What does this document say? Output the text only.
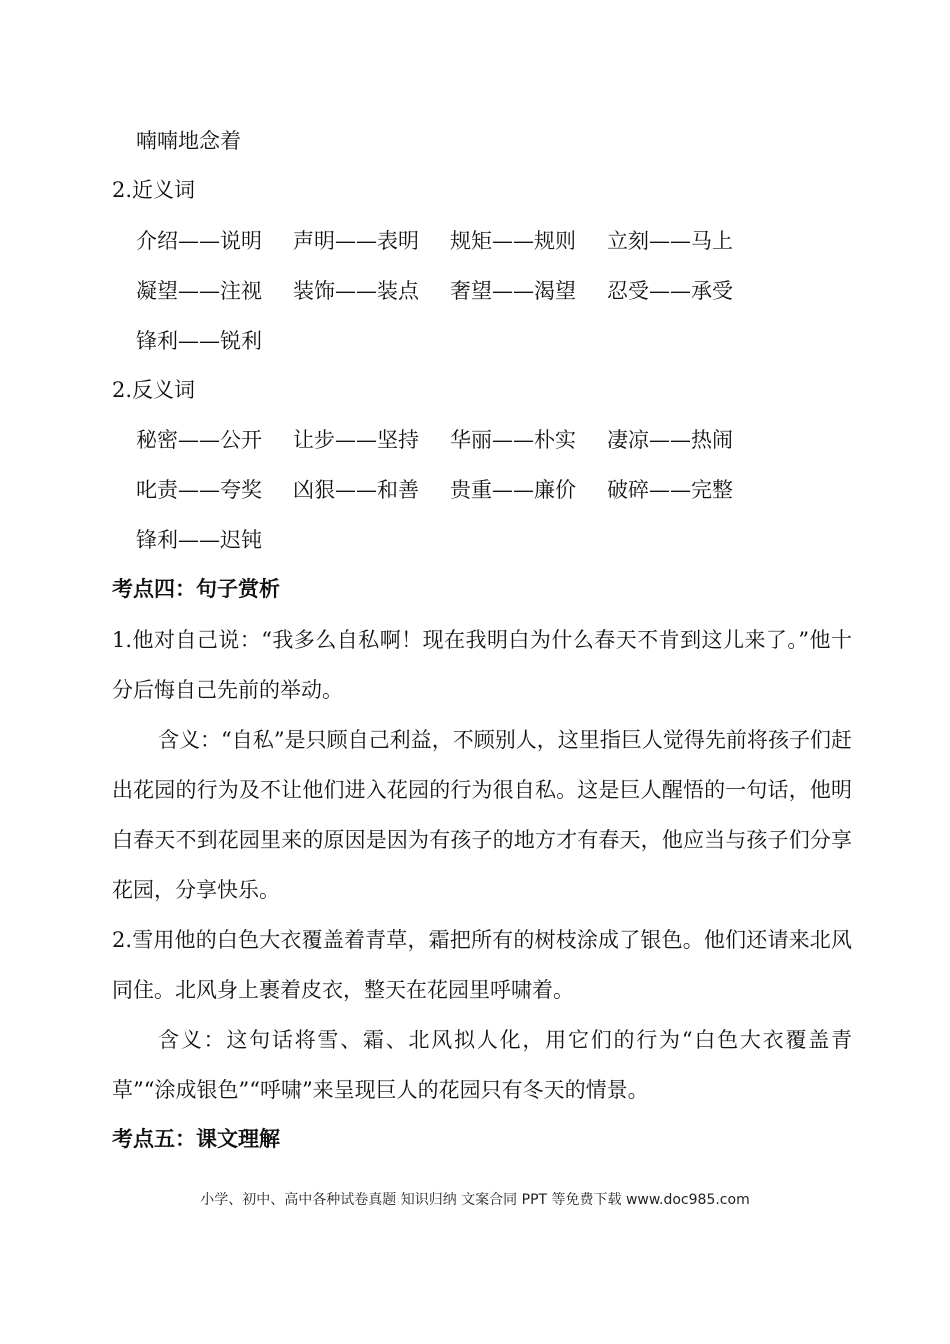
喃喃地念着
2.近义词
介绍——说明 声明——表明 规矩——规则 立刻——马上
凝望——注视 装饰——装点 奢望——渴望 忍受——承受
锋利——锐利
2.反义词
秘密——公开 让步——坚持 华丽——朴实 凄凉——热闹
叱责——夸奖 凶狠——和善 贵重——廉价 破碎——完整
锋利——迟钝
考点四：句子赏析
1.他对自己说：“我多么自私啊！现在我明白为什么春天不肯到这儿来了。”他十分后悔自己先前的举动。
含义：“自私”是只顾自己利益，不顾别人，这里指巨人觉得先前将孩子们赶出花园的行为及不让他们进入花园的行为很自私。这是巨人醒悟的一句话，他明白春天不到花园里来的原因是因为有孩子的地方才有春天，他应当与孩子们分享花园，分享快乐。
2.雪用他的白色大衣覆盖着青草，霜把所有的树枝涂成了银色。他们还请来北风同住。北风身上裹着皮衣，整天在花园里呼啸着。
含义：这句话将雪、霜、北风拟人化，用它们的行为“白色大衣覆盖青草”“涂成银色”“呼啸”来呈现巨人的花园只有冬天的情景。
考点五：课文理解
小学、初中、高中各种试卷真题 知识归纳 文案合同 PPT 等免费下载 www.doc985.com
